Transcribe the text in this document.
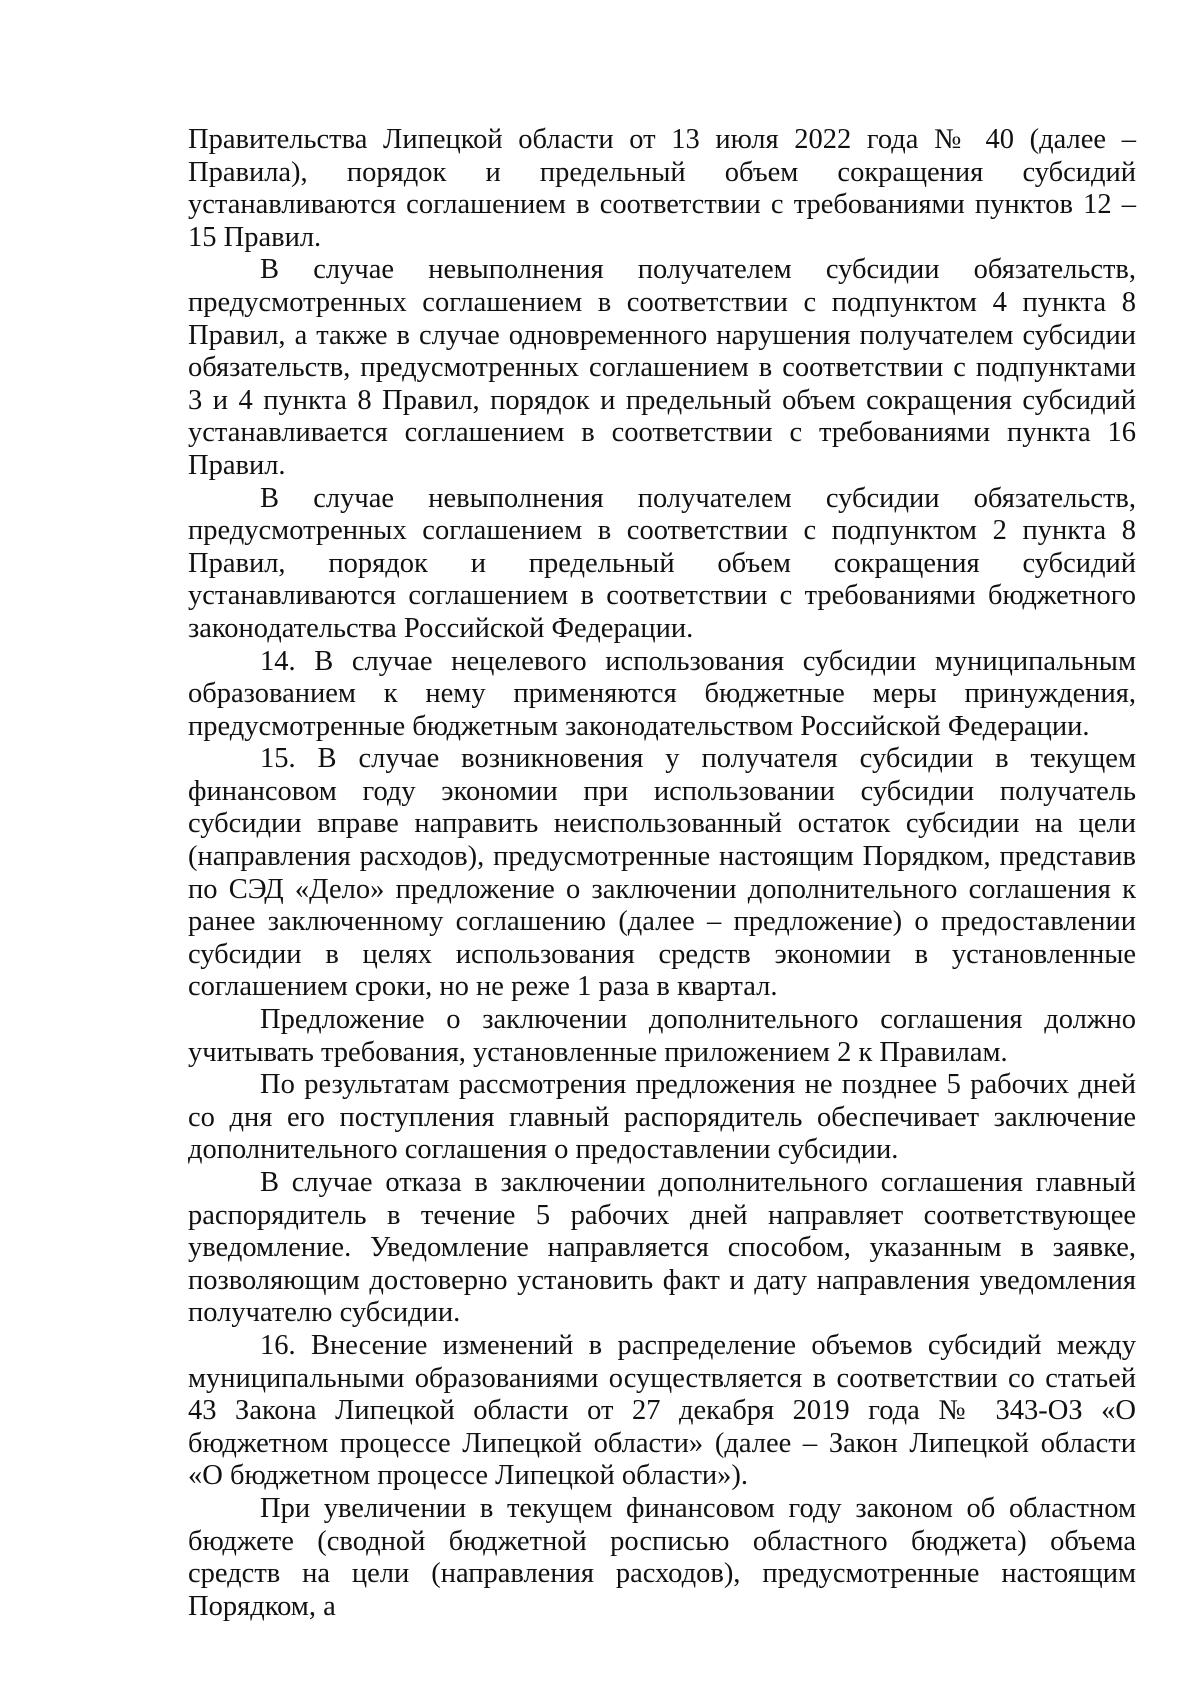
Правительства Липецкой области от 13 июля 2022 года № 40 (далее – Правила), порядок и предельный объем сокращения субсидий устанавливаются соглашением в соответствии с требованиями пунктов 12 – 15 Правил.

В случае невыполнения получателем субсидии обязательств, предусмотренных соглашением в соответствии с подпунктом 4 пункта 8 Правил, а также в случае одновременного нарушения получателем субсидии обязательств, предусмотренных соглашением в соответствии с подпунктами 3 и 4 пункта 8 Правил, порядок и предельный объем сокращения субсидий устанавливается соглашением в соответствии с требованиями пункта 16 Правил.

В случае невыполнения получателем субсидии обязательств, предусмотренных соглашением в соответствии с подпунктом 2 пункта 8 Правил, порядок и предельный объем сокращения субсидий устанавливаются соглашением в соответствии с требованиями бюджетного законодательства Российской Федерации.

14. В случае нецелевого использования субсидии муниципальным образованием к нему применяются бюджетные меры принуждения, предусмотренные бюджетным законодательством Российской Федерации.

15. В случае возникновения у получателя субсидии в текущем финансовом году экономии при использовании субсидии получатель субсидии вправе направить неиспользованный остаток субсидии на цели (направления расходов), предусмотренные настоящим Порядком, представив по СЭД «Дело» предложение о заключении дополнительного соглашения к ранее заключенному соглашению (далее – предложение) о предоставлении субсидии в целях использования средств экономии в установленные соглашением сроки, но не реже 1 раза в квартал.

Предложение о заключении дополнительного соглашения должно учитывать требования, установленные приложением 2 к Правилам.

По результатам рассмотрения предложения не позднее 5 рабочих дней со дня его поступления главный распорядитель обеспечивает заключение дополнительного соглашения о предоставлении субсидии.

В случае отказа в заключении дополнительного соглашения главный распорядитель в течение 5 рабочих дней направляет соответствующее уведомление. Уведомление направляется способом, указанным в заявке, позволяющим достоверно установить факт и дату направления уведомления получателю субсидии.

16. Внесение изменений в распределение объемов субсидий между муниципальными образованиями осуществляется в соответствии со статьей 43 Закона Липецкой области от 27 декабря 2019 года № 343-ОЗ «О бюджетном процессе Липецкой области» (далее – Закон Липецкой области «О бюджетном процессе Липецкой области»).

При увеличении в текущем финансовом году законом об областном бюджете (сводной бюджетной росписью областного бюджета) объема средств на цели (направления расходов), предусмотренные настоящим Порядком, а
